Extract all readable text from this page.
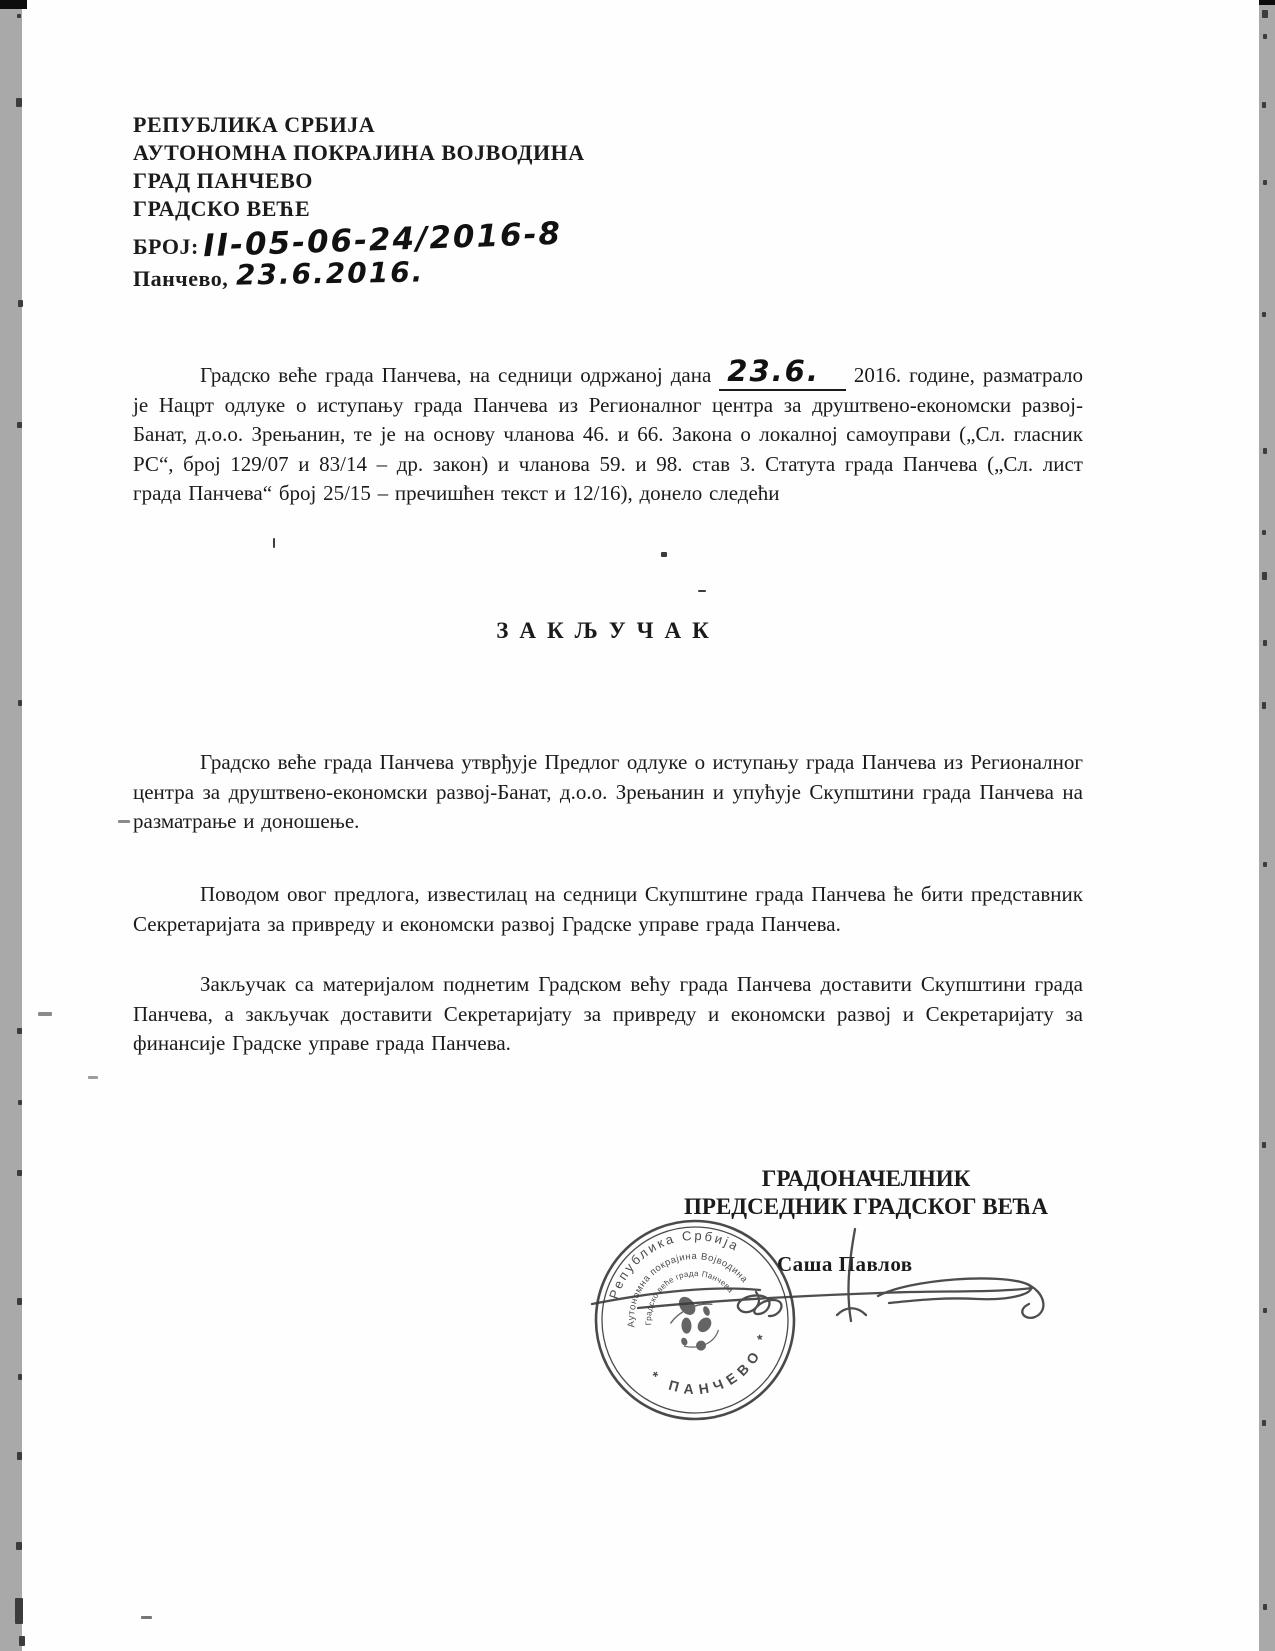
РЕПУБЛИКА СРБИЈА
АУТОНОМНА ПОКРАЈИНА ВОЈВОДИНА
ГРАД ПАНЧЕВО
ГРАДСКО ВЕЋЕ
БРОЈ: II-05-06-24/2016-8
Панчево, 23.6.2016.
Градско веће града Панчева, на седници одржаној дана 23.6. 2016. године, разматрало је Нацрт одлуке о иступању града Панчева из Регионалног центра за друштвено-економски развој-Банат, д.о.о. Зрењанин, те је на основу чланова 46. и 66. Закона о локалној самоуправи („Сл. гласник РС“, број 129/07 и 83/14 – др. закон) и чланова 59. и 98. став 3. Статута града Панчева („Сл. лист града Панчева“ број 25/15 – пречишћен текст и 12/16), донело следећи
ЗАКЉУЧАК
Градско веће града Панчева утврђује Предлог одлуке о иступању града Панчева из Регионалног центра за друштвено-економски развој-Банат, д.о.о. Зрењанин и упућује Скупштини града Панчева на разматрање и доношење.
Поводом овог предлога, известилац на седници Скупштине града Панчева ће бити представник Секретаријата за привреду и економски развој Градске управе града Панчева.
Закључак са материјалом поднетим Градском већу града Панчева доставити Скупштини града Панчева, а закључак доставити Секретаријату за привреду и економски развој и Секретаријату за финансије Градске управе града Панчева.
ГРАДОНАЧЕЛНИК
ПРЕДСЕДНИК ГРАДСКОГ ВЕЋА
Саша Павлов
Република Србија
Аутономна покрајина Војводина
Градско веће града Панчева
* ПАНЧЕВО *
